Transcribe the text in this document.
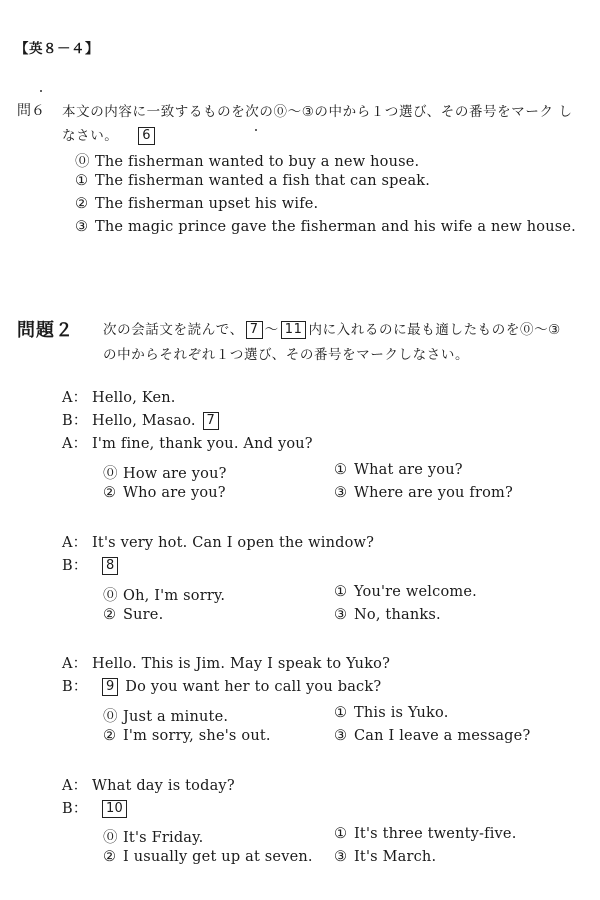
【英８－４】
問６ 本文の内容に一致するものを次の⓪～③の中から１つ選び、その番号をマーク し
なさい。 6
⓪ The fisherman wanted to buy a new house.
① The fisherman wanted a fish that can speak.
② The fisherman upset his wife.
③ The magic prince gave the fisherman and his wife a new house.
問題２ 次の会話文を読んで、 7 ～ 11 内に入れるのに最も適したものを⓪～③
の中からそれぞれ１つ選び、その番号をマークしなさい。
A： Hello, Ken.
B： Hello, Masao. 7
A： I'm fine, thank you. And you?
⓪ How are you?	① What are you?
② Who are you?	③ Where are you from?
A： It's very hot. Can I open the window?
B： 8
⓪ Oh, I'm sorry.	① You're welcome.
② Sure.	③ No, thanks.
A： Hello. This is Jim. May I speak to Yuko?
B： 9 Do you want her to call you back?
⓪ Just a minute.	① This is Yuko.
② I'm sorry, she's out.	③ Can I leave a message?
A： What day is today?
B： 10
⓪ It's Friday.	① It's three twenty-five.
② I usually get up at seven. ③ It's March.
